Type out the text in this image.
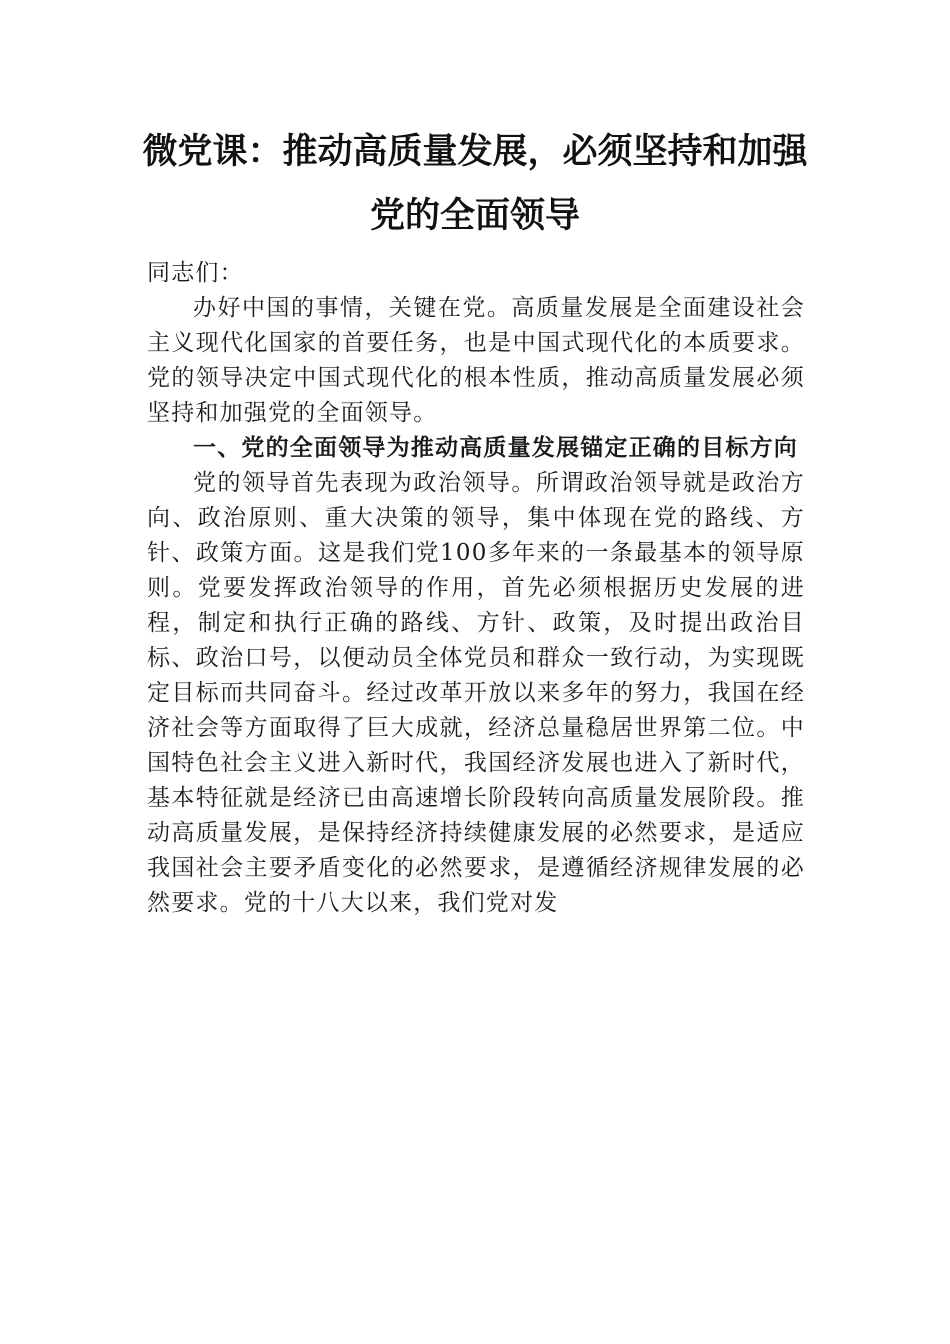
微党课：推动高质量发展，必须坚持和加强党的全面领导

同志们：

办好中国的事情，关键在党。高质量发展是全面建设社会主义现代化国家的首要任务，也是中国式现代化的本质要求。党的领导决定中国式现代化的根本性质，推动高质量发展必须坚持和加强党的全面领导。

一、党的全面领导为推动高质量发展锚定正确的目标方向

党的领导首先表现为政治领导。所谓政治领导就是政治方向、政治原则、重大决策的领导，集中体现在党的路线、方针、政策方面。这是我们党100多年来的一条最基本的领导原则。党要发挥政治领导的作用，首先必须根据历史发展的进程，制定和执行正确的路线、方针、政策，及时提出政治目标、政治口号，以便动员全体党员和群众一致行动，为实现既定目标而共同奋斗。经过改革开放以来多年的努力，我国在经济社会等方面取得了巨大成就，经济总量稳居世界第二位。中国特色社会主义进入新时代，我国经济发展也进入了新时代，基本特征就是经济已由高速增长阶段转向高质量发展阶段。推动高质量发展，是保持经济持续健康发展的必然要求，是适应我国社会主要矛盾变化的必然要求，是遵循经济规律发展的必然要求。党的十八大以来，我们党对发
